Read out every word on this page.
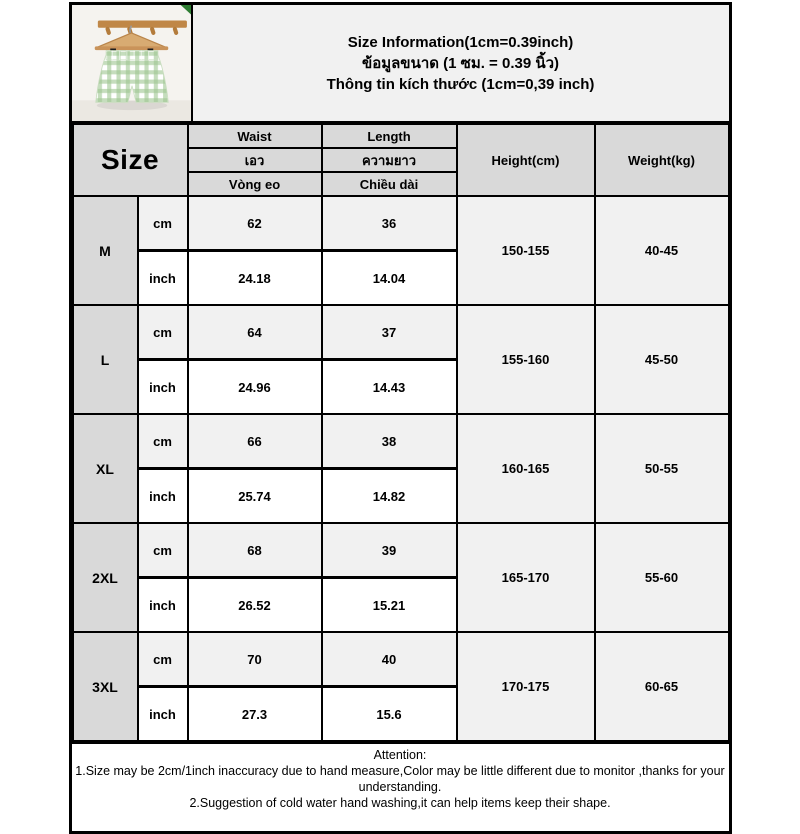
Size Information(1cm=0.39inch)
ข้อมูลขนาด (1 ซม. = 0.39 นิ้ว)
Thông tin kích thước (1cm=0,39 inch)
Size		Waist	Length	Height(cm)	Weight(kg)
		เอว	ความยาว		
		Vòng eo	Chiều dài		
M	cm	62	36	150-155	40-45
	inch	24.18	14.04		
L	cm	64	37	155-160	45-50
	inch	24.96	14.43		
XL	cm	66	38	160-165	50-55
	inch	25.74	14.82		
2XL	cm	68	39	165-170	55-60
	inch	26.52	15.21		
3XL	cm	70	40	170-175	60-65
	inch	27.3	15.6		
Attention:
1.Size may be 2cm/1inch inaccuracy due to hand measure,Color may be little different due to monitor ,thanks for your understanding.
2.Suggestion of cold water hand washing,it can help items keep their shape.
